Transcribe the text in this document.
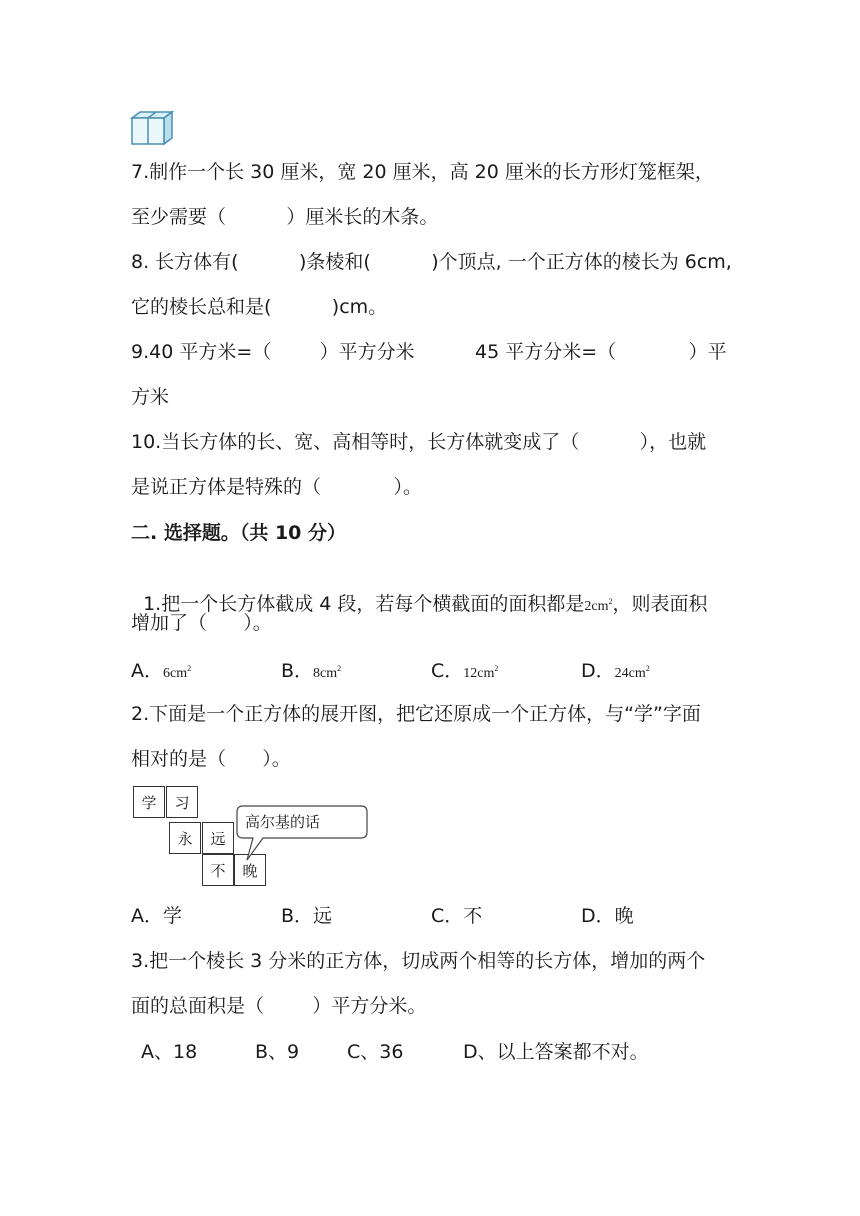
7.制作一个长 30 厘米，宽 20 厘米，高 20 厘米的长方形灯笼框架，
至少需要（          ）厘米长的木条。
8. 长方体有(          )条棱和(          )个顶点, 一个正方体的棱长为 6cm,
它的棱长总和是(          )cm。
9.40 平方米=（        ）平方分米          45 平方分米=（            ）平
方米
10.当长方体的长、宽、高相等时，长方体就变成了（          ），也就
是说正方体是特殊的（            ）。
二. 选择题。（共 10 分）

1.把一个长方体截成 4 段，若每个横截面的面积都是$2cm^2$，则表面积

增加了（      ）。
A．$6cm^2$	B．$8cm^2$	C．$12cm^2$	D．$24cm^2$
2.下面是一个正方体的展开图，把它还原成一个正方体，与“学”字面
相对的是（      ）。
学	习
永	远
不	晚
高尔基的话
A．学	B．远	C．不	D．晚
3.把一个棱长 3 分米的正方体，切成两个相等的长方体，增加的两个
面的总面积是（        ）平方分米。
A、18	B、9	C、36	D、以上答案都不对。
